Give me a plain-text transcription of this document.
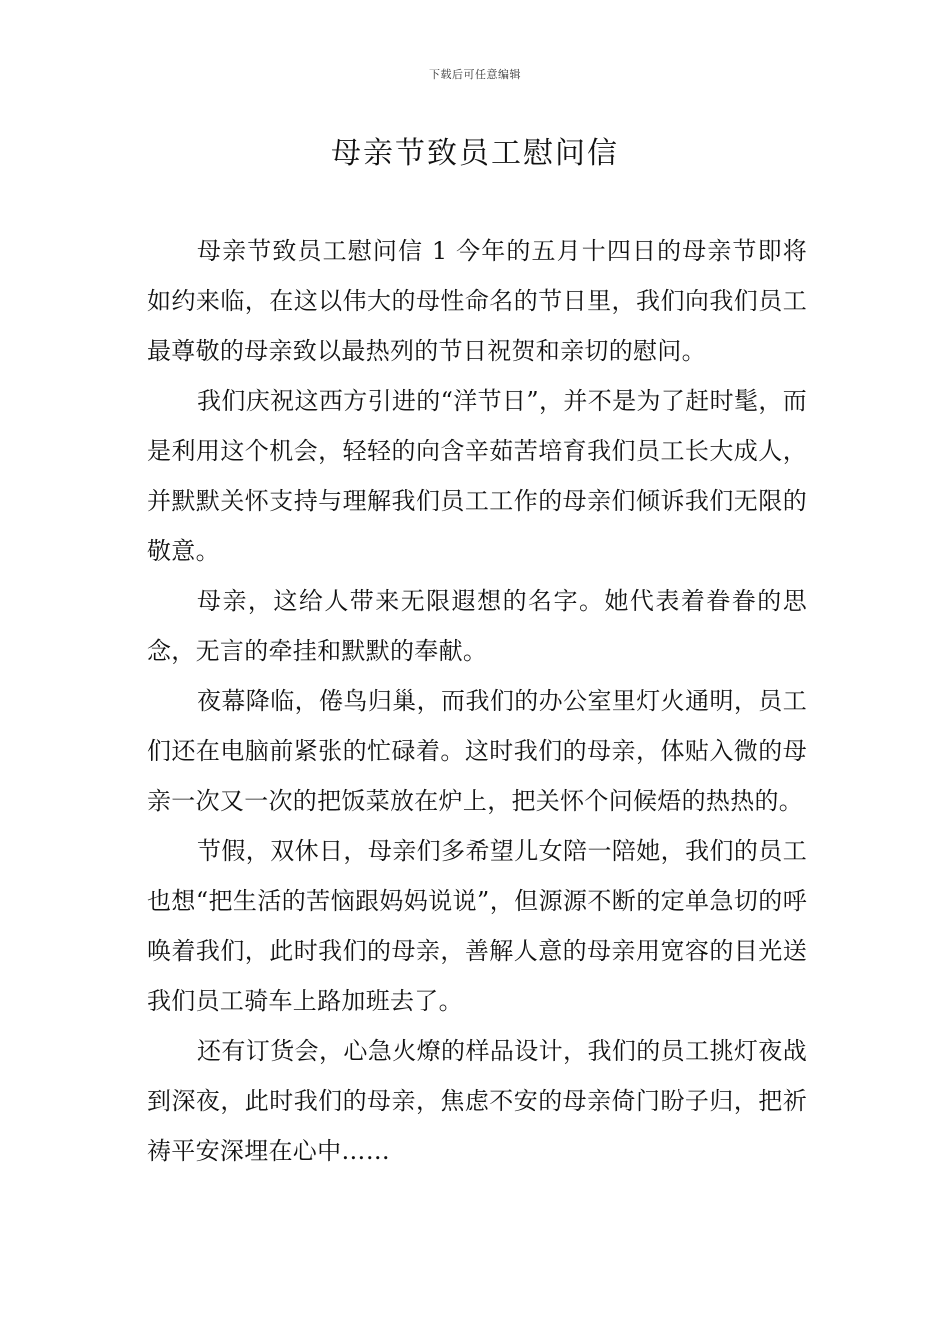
下载后可任意编辑
母亲节致员工慰问信

母亲节致员工慰问信 1 今年的五月十四日的母亲节即将如约来临，在这以伟大的母性命名的节日里，我们向我们员工最尊敬的母亲致以最热列的节日祝贺和亲切的慰问。

我们庆祝这西方引进的“洋节日”，并不是为了赶时髦，而是利用这个机会，轻轻的向含辛茹苦培育我们员工长大成人，并默默关怀支持与理解我们员工工作的母亲们倾诉我们无限的敬意。

母亲，这给人带来无限遐想的名字。她代表着眷眷的思念，无言的牵挂和默默的奉献。

夜幕降临，倦鸟归巢，而我们的办公室里灯火通明，员工们还在电脑前紧张的忙碌着。这时我们的母亲，体贴入微的母亲一次又一次的把饭菜放在炉上，把关怀个问候焐的热热的。

节假，双休日，母亲们多希望儿女陪一陪她，我们的员工也想“把生活的苦恼跟妈妈说说”，但源源不断的定单急切的呼唤着我们，此时我们的母亲，善解人意的母亲用宽容的目光送我们员工骑车上路加班去了。

还有订货会，心急火燎的样品设计，我们的员工挑灯夜战到深夜，此时我们的母亲，焦虑不安的母亲倚门盼子归，把祈祷平安深埋在心中……
